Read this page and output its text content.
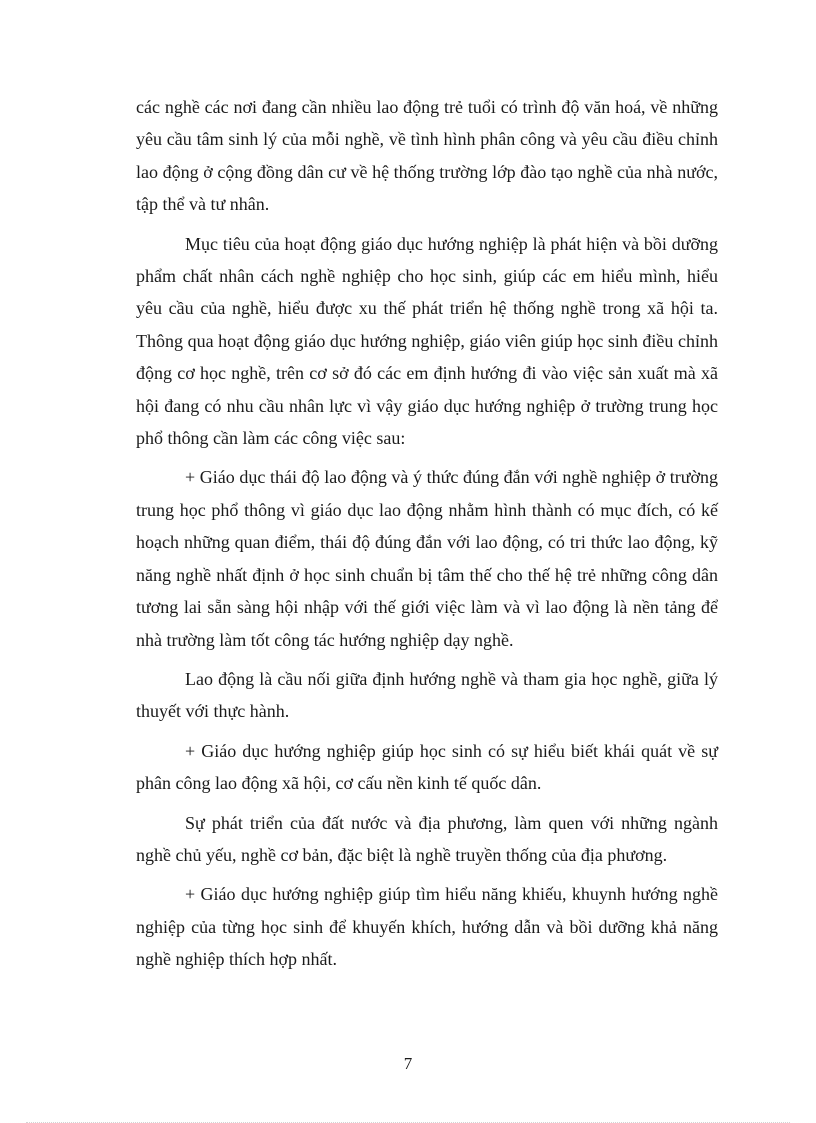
các nghề các nơi đang cần nhiều lao động trẻ tuổi có trình độ văn hoá, về những yêu cầu tâm sinh lý của mỗi nghề, về tình hình phân công và yêu cầu điều chỉnh lao động ở cộng đồng dân cư về hệ thống trường lớp đào tạo nghề của nhà nước, tập thể và tư nhân.

Mục tiêu của hoạt động giáo dục hướng nghiệp là phát hiện và bồi dưỡng phẩm chất nhân cách nghề nghiệp cho học sinh, giúp các em hiểu mình, hiểu yêu cầu của nghề, hiểu được xu thế phát triển hệ thống nghề trong xã hội ta. Thông qua hoạt động giáo dục hướng nghiệp, giáo viên giúp học sinh điều chỉnh động cơ học nghề, trên cơ sở đó các em định hướng đi vào việc sản xuất mà xã hội đang có nhu cầu nhân lực vì vậy giáo dục hướng nghiệp ở trường trung học phổ thông cần làm các công việc sau:

+ Giáo dục thái độ lao động và ý thức đúng đắn với nghề nghiệp ở trường trung học phổ thông vì giáo dục lao động nhằm hình thành có mục đích, có kế hoạch những quan điểm, thái độ đúng đắn với lao động, có tri thức lao động, kỹ năng nghề nhất định ở học sinh chuẩn bị tâm thế cho thế hệ trẻ những công dân tương lai sẵn sàng hội nhập với thế giới việc làm và vì lao động là nền tảng để nhà trường làm tốt công tác hướng nghiệp dạy nghề.

Lao động là cầu nối giữa định hướng nghề và tham gia học nghề, giữa lý thuyết với thực hành.

+ Giáo dục hướng nghiệp giúp học sinh có sự hiểu biết khái quát về sự phân công lao động xã hội, cơ cấu nền kinh tế quốc dân.

Sự phát triển của đất nước và địa phương, làm quen với những ngành nghề chủ yếu, nghề cơ bản, đặc biệt là nghề truyền thống của địa phương.

+ Giáo dục hướng nghiệp giúp tìm hiểu năng khiếu, khuynh hướng nghề nghiệp của từng học sinh để khuyến khích, hướng dẫn và bồi dưỡng khả năng nghề nghiệp thích hợp nhất.

7
